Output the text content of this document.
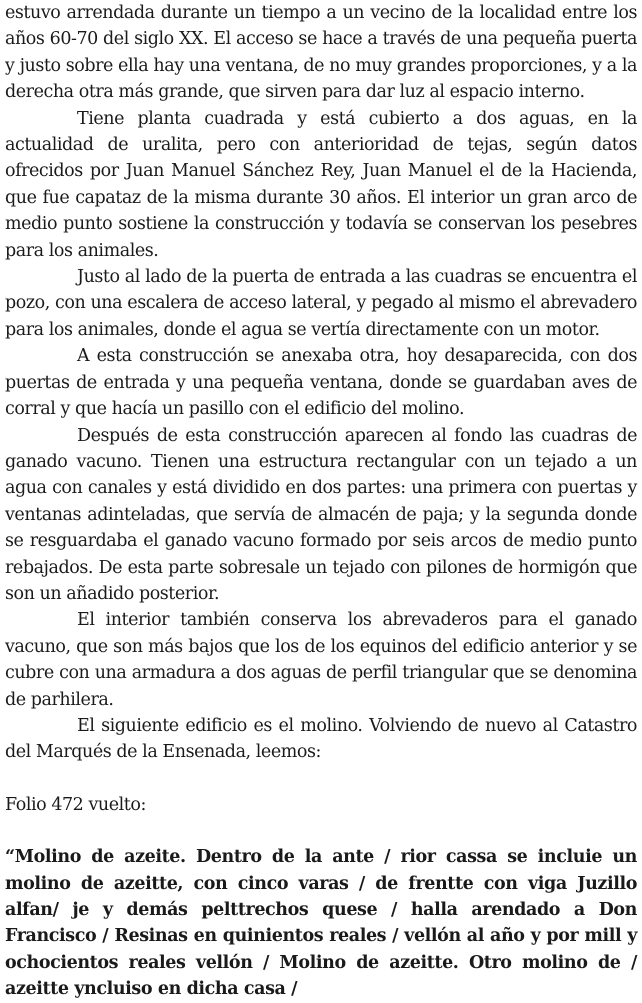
estuvo arrendada durante un tiempo a un vecino de la localidad entre los años 60-70 del siglo XX. El acceso se hace a través de una pequeña puerta y justo sobre ella hay una ventana, de no muy grandes proporciones, y a la derecha otra más grande, que sirven para dar luz al espacio interno.

Tiene planta cuadrada y está cubierto a dos aguas, en la actualidad de uralita, pero con anterioridad de tejas, según datos ofrecidos por Juan Manuel Sánchez Rey, Juan Manuel el de la Hacienda, que fue capataz de la misma durante 30 años. El interior un gran arco de medio punto sostiene la construcción y todavía se conservan los pesebres para los animales.

Justo al lado de la puerta de entrada a las cuadras se encuentra el pozo, con una escalera de acceso lateral, y pegado al mismo el abrevadero para los animales, donde el agua se vertía directamente con un motor.

A esta construcción se anexaba otra, hoy desaparecida, con dos puertas de entrada y una pequeña ventana, donde se guardaban aves de corral y que hacía un pasillo con el edificio del molino.

Después de esta construcción aparecen al fondo las cuadras de ganado vacuno. Tienen una estructura rectangular con un tejado a un agua con canales y está dividido en dos partes: una primera con puertas y ventanas adinteladas, que servía de almacén de paja; y la segunda donde se resguardaba el ganado vacuno formado por seis arcos de medio punto rebajados. De esta parte sobresale un tejado con pilones de hormigón que son un añadido posterior.

El interior también conserva los abrevaderos para el ganado vacuno, que son más bajos que los de los equinos del edificio anterior y se cubre con una armadura a dos aguas de perfil triangular que se denomina de parhilera.

El siguiente edificio es el molino. Volviendo de nuevo al Catastro del Marqués de la Ensenada, leemos:

Folio 472 vuelto:

“Molino de azeite. Dentro de la ante / rior cassa se incluie un molino de azeitte, con cinco varas / de frentte con viga Juzillo alfan/ je y demás pelttrechos quese / halla arendado a Don Francisco / Resinas en quinientos reales / vellón al año y por mill y ochocientos reales vellón / Molino de azeitte. Otro molino de / azeitte yncluiso en dicha casa /
